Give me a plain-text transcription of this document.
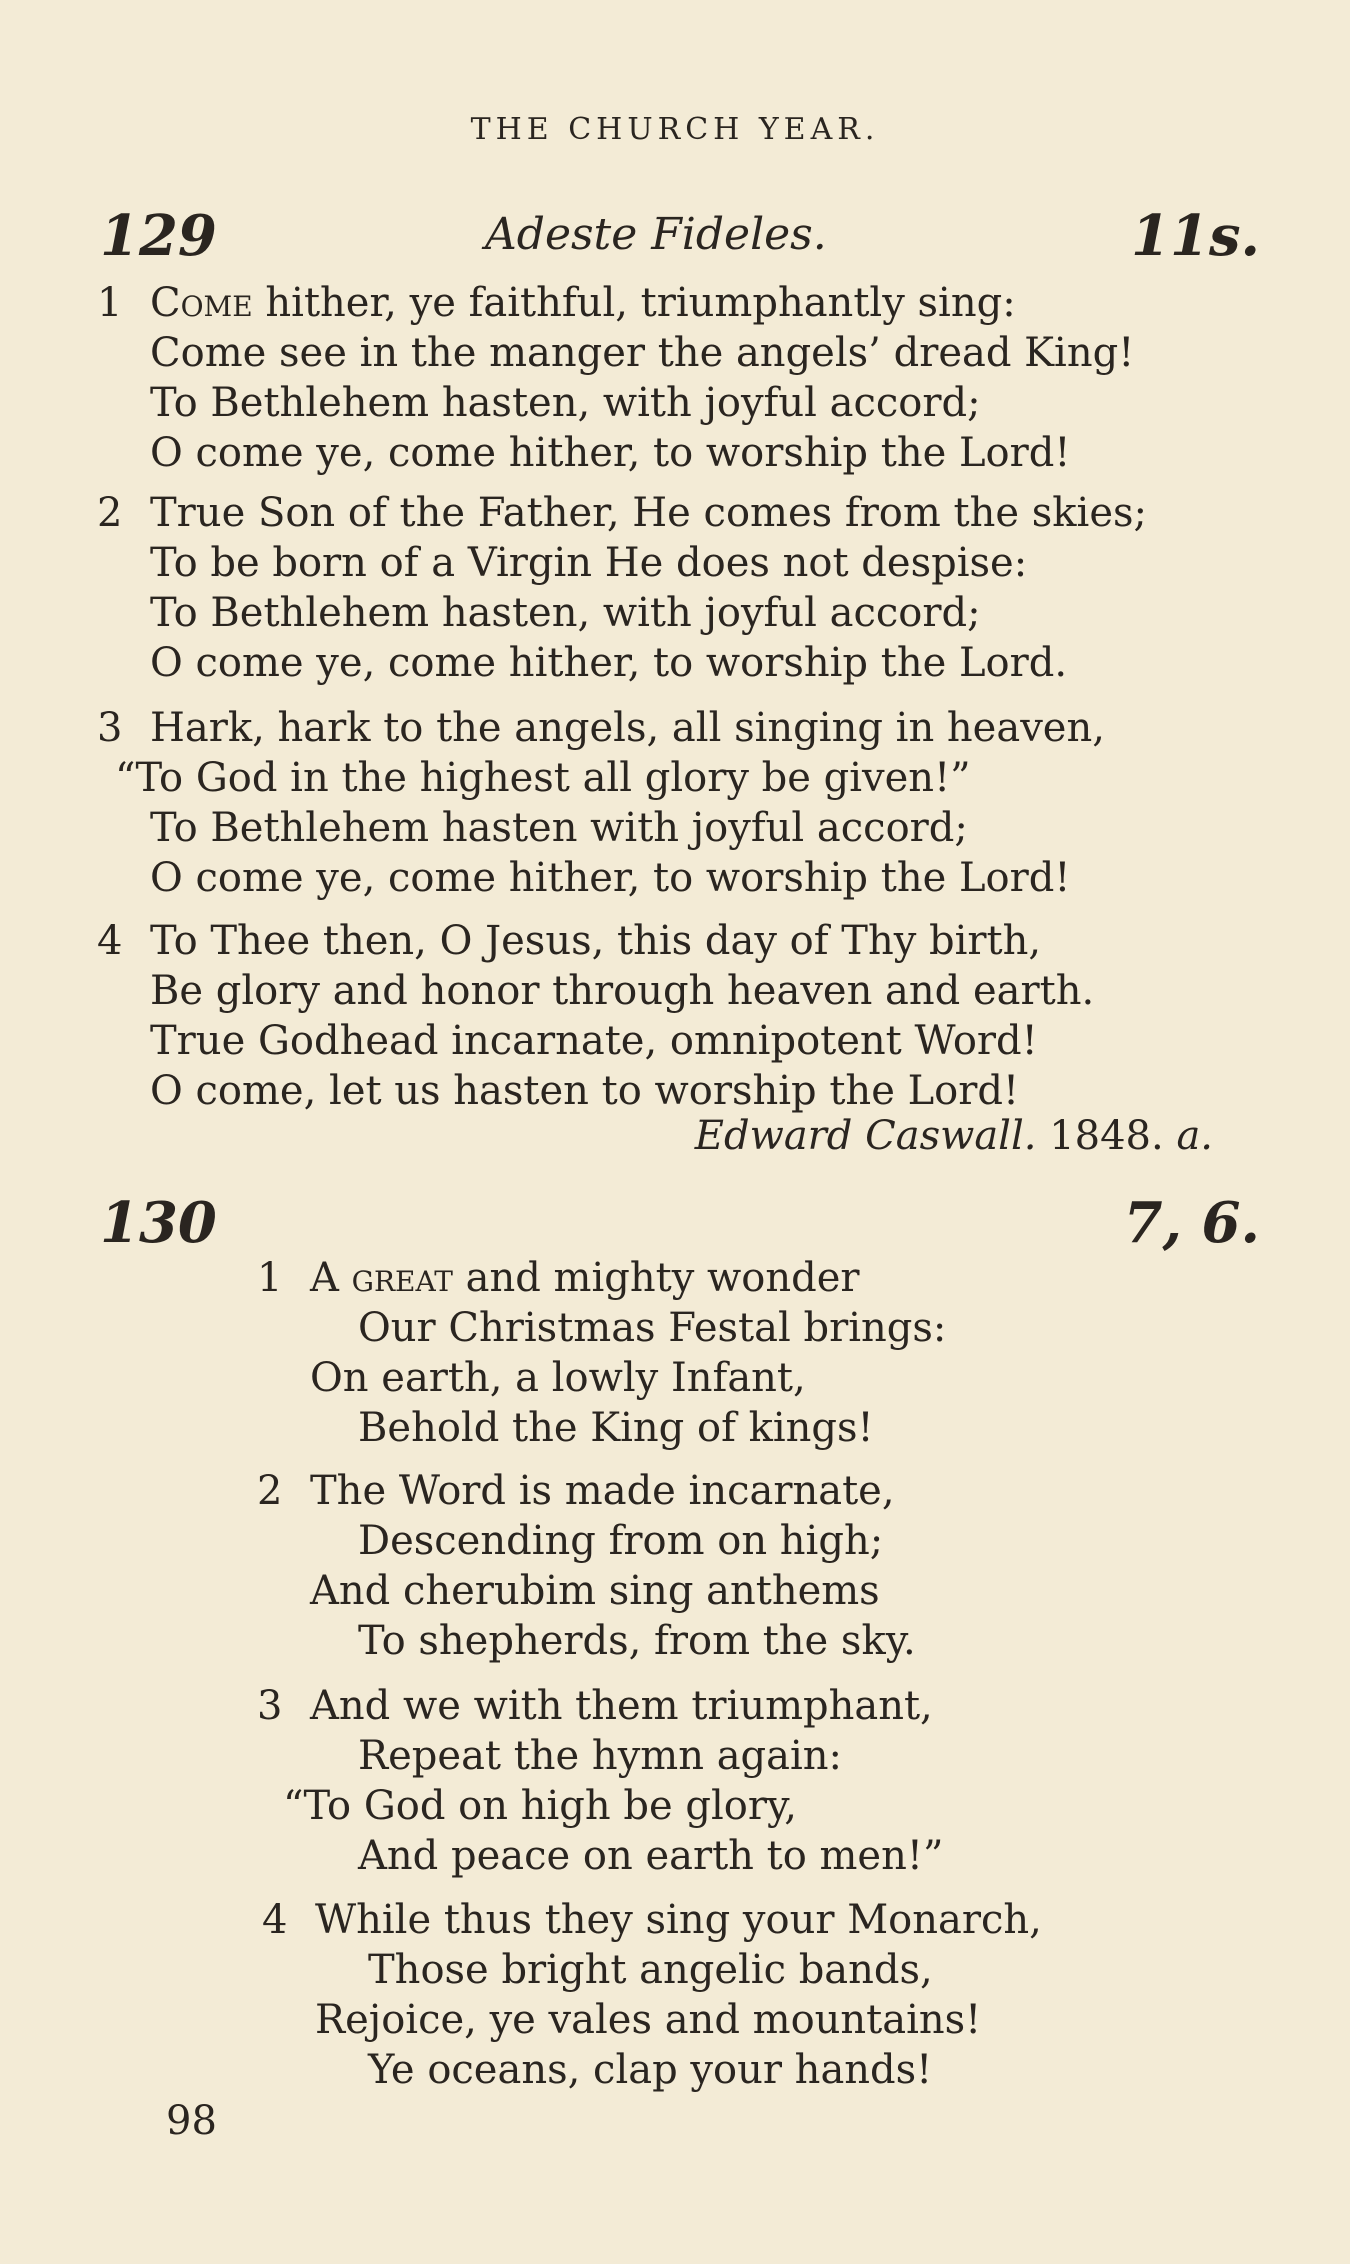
THE CHURCH YEAR.
129	Adeste Fideles.	11s.
1 Come hither, ye faithful, triumphantly sing:
Come see in the manger the angels’ dread King!
To Bethlehem hasten, with joyful accord;
O come ye, come hither, to worship the Lord!
2 True Son of the Father, He comes from the skies;
To be born of a Virgin He does not despise:
To Bethlehem hasten, with joyful accord;
O come ye, come hither, to worship the Lord.
3 Hark, hark to the angels, all singing in heaven,
“To God in the highest all glory be given!”
To Bethlehem hasten with joyful accord;
O come ye, come hither, to worship the Lord!
4 To Thee then, O Jesus, this day of Thy birth,
Be glory and honor through heaven and earth.
True Godhead incarnate, omnipotent Word!
O come, let us hasten to worship the Lord!
Edward Caswall. 1848. a.
130	7, 6.
1 A great and mighty wonder
Our Christmas Festal brings:
On earth, a lowly Infant,
Behold the King of kings!
2 The Word is made incarnate,
Descending from on high;
And cherubim sing anthems
To shepherds, from the sky.
3 And we with them triumphant,
Repeat the hymn again:
“To God on high be glory,
And peace on earth to men!”
4 While thus they sing your Monarch,
Those bright angelic bands,
Rejoice, ye vales and mountains!
Ye oceans, clap your hands!
98
